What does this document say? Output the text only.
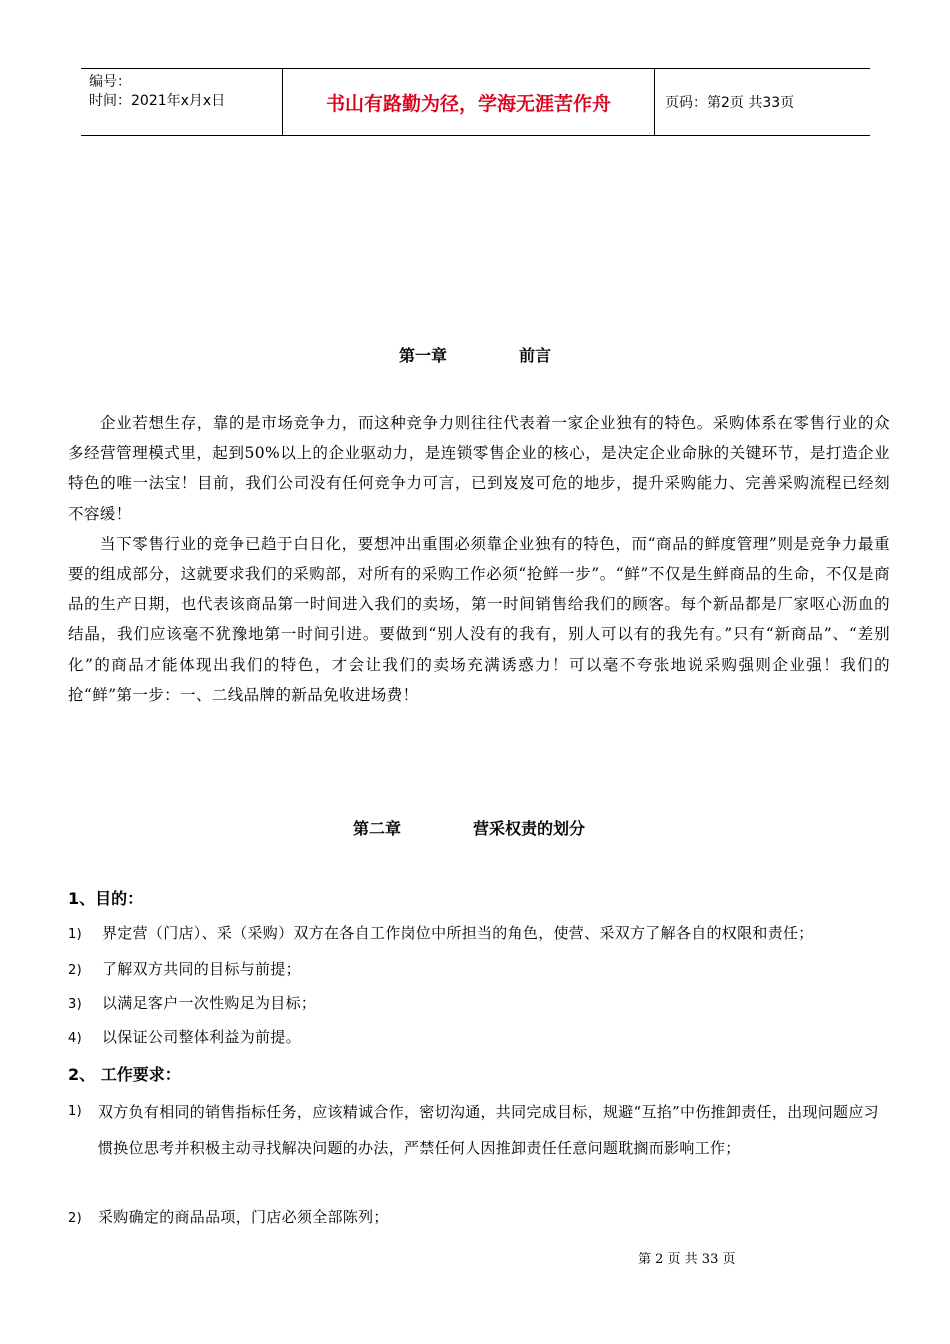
编号：
时间：2021年x月x日	书山有路勤为径，学海无涯苦作舟	页码：第2页 共33页
第一章	前言

企业若想生存，靠的是市场竞争力，而这种竞争力则往往代表着一家企业独有的特色。采购体系在零售行业的众多经营管理模式里，起到50%以上的企业驱动力，是连锁零售企业的核心，是决定企业命脉的关键环节，是打造企业特色的唯一法宝！目前，我们公司没有任何竞争力可言，已到岌岌可危的地步，提升采购能力、完善采购流程已经刻不容缓！

当下零售行业的竞争已趋于白日化，要想冲出重围必须靠企业独有的特色，而“商品的鲜度管理”则是竞争力最重要的组成部分，这就要求我们的采购部，对所有的采购工作必须“抢鲜一步”。“鲜”不仅是生鲜商品的生命，不仅是商品的生产日期，也代表该商品第一时间进入我们的卖场，第一时间销售给我们的顾客。每个新品都是厂家呕心沥血的结晶，我们应该毫不犹豫地第一时间引进。要做到“别人没有的我有，别人可以有的我先有。”只有“新商品”、“差别化”的商品才能体现出我们的特色，才会让我们的卖场充满诱惑力！可以毫不夸张地说采购强则企业强！我们的抢“鲜”第一步：一、二线品牌的新品免收进场费！

第二章	营采权责的划分
1、目的：
1) 界定营（门店）、采（采购）双方在各自工作岗位中所担当的角色，使营、采双方了解各自的权限和责任；
2) 了解双方共同的目标与前提；
3) 以满足客户一次性购足为目标；
4) 以保证公司整体利益为前提。
2、 工作要求：
1)	双方负有相同的销售指标任务，应该精诚合作，密切沟通，共同完成目标，规避“互掐”中伤推卸责任，出现问题应习惯换位思考并积极主动寻找解决问题的办法，严禁任何人因推卸责任任意问题耽搁而影响工作；
2) 采购确定的商品品项，门店必须全部陈列；
第 2 页 共 33 页
